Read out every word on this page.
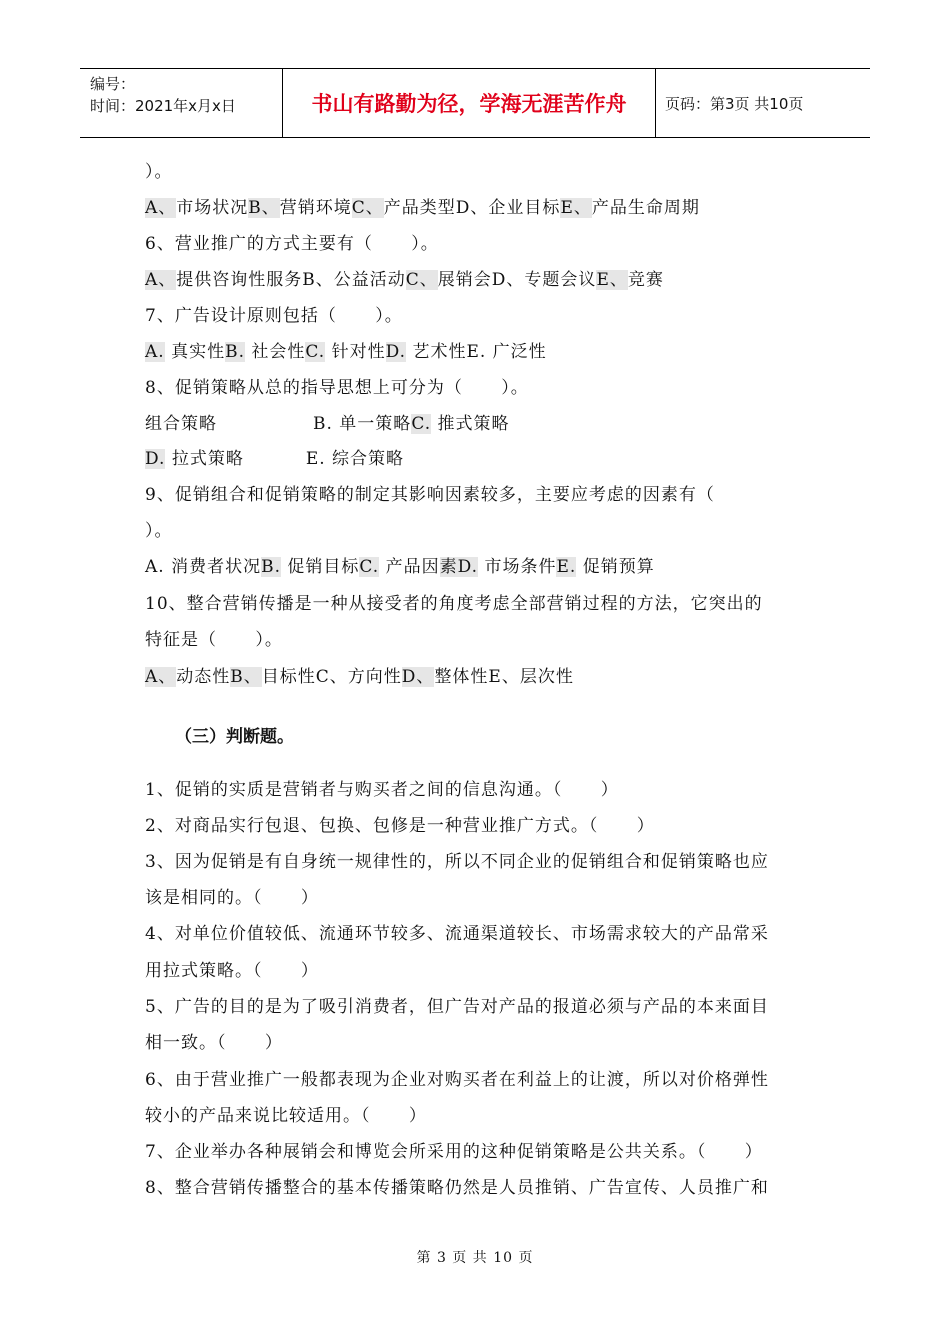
编号：
时间：2021年x月x日	书山有路勤为径，学海无涯苦作舟	页码：第3页 共10页
）。
A、市场状况B、营销环境C、产品类型D、企业目标E、产品生命周期
6、营业推广的方式主要有（      ）。
A、提供咨询性服务B、公益活动C、展销会D、专题会议E、竞赛
7、广告设计原则包括（      ）。
A. 真实性B. 社会性C. 针对性D. 艺术性E. 广泛性
8、促销策略从总的指导思想上可分为（      ）。
组合策略	B. 单一策略C. 推式策略
D. 拉式策略	E. 综合策略
9、促销组合和促销策略的制定其影响因素较多，主要应考虑的因素有（
）。
A. 消费者状况B. 促销目标C. 产品因素D. 市场条件E. 促销预算
10、整合营销传播是一种从接受者的角度考虑全部营销过程的方法，它突出的
特征是（      ）。
A、动态性B、目标性C、方向性D、整体性E、层次性
（三）判断题。
1、促销的实质是营销者与购买者之间的信息沟通。（      ）
2、对商品实行包退、包换、包修是一种营业推广方式。（      ）
3、因为促销是有自身统一规律性的，所以不同企业的促销组合和促销策略也应
该是相同的。（      ）
4、对单位价值较低、流通环节较多、流通渠道较长、市场需求较大的产品常采
用拉式策略。（      ）
5、广告的目的是为了吸引消费者，但广告对产品的报道必须与产品的本来面目
相一致。（      ）
6、由于营业推广一般都表现为企业对购买者在利益上的让渡，所以对价格弹性
较小的产品来说比较适用。（      ）
7、企业举办各种展销会和博览会所采用的这种促销策略是公共关系。（      ）
8、整合营销传播整合的基本传播策略仍然是人员推销、广告宣传、人员推广和
第 3 页 共 10 页
